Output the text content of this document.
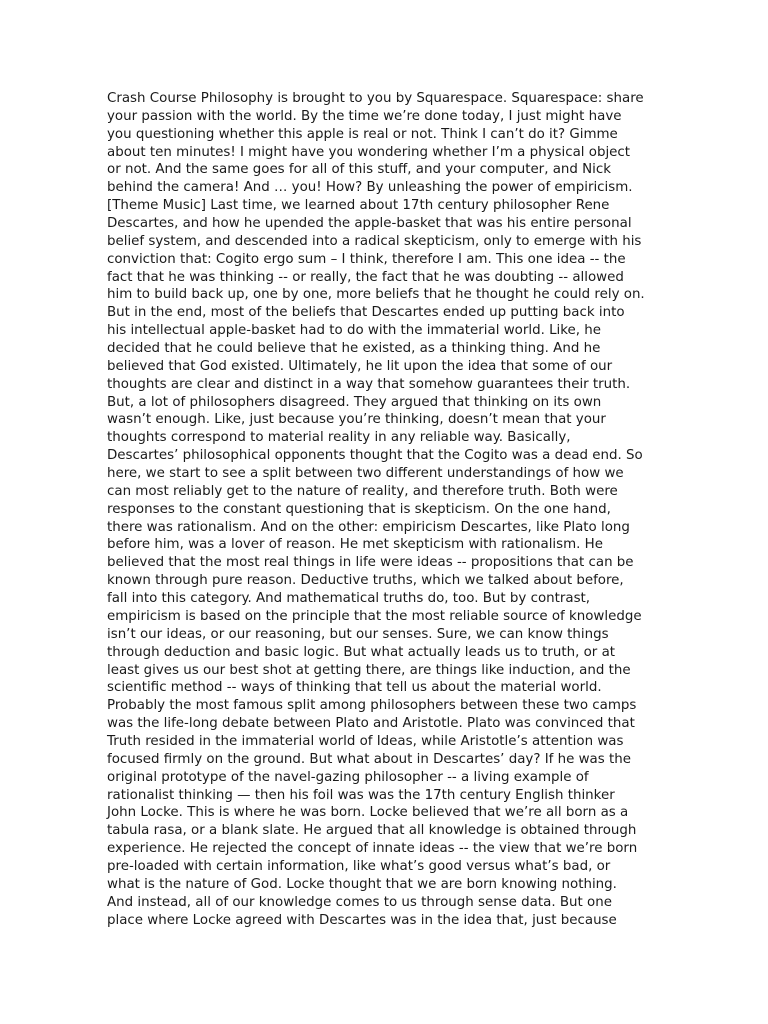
Crash Course Philosophy is brought to you by Squarespace. Squarespace: share

your passion with the world. By the time we’re done today, I just might have

you questioning whether this apple is real or not. Think I can’t do it? Gimme

about ten minutes! I might have you wondering whether I’m a physical object

or not. And the same goes for all of this stuff, and your computer, and Nick

behind the camera! And … you! How? By unleashing the power of empiricism.

[Theme Music] Last time, we learned about 17th century philosopher Rene

Descartes, and how he upended the apple-basket that was his entire personal

belief system, and descended into a radical skepticism, only to emerge with his

conviction that: Cogito ergo sum – I think, therefore I am. This one idea -- the

fact that he was thinking -- or really, the fact that he was doubting -- allowed

him to build back up, one by one, more beliefs that he thought he could rely on.

But in the end, most of the beliefs that Descartes ended up putting back into

his intellectual apple-basket had to do with the immaterial world. Like, he

decided that he could believe that he existed, as a thinking thing. And he

believed that God existed. Ultimately, he lit upon the idea that some of our

thoughts are clear and distinct in a way that somehow guarantees their truth.

But, a lot of philosophers disagreed. They argued that thinking on its own

wasn’t enough. Like, just because you’re thinking, doesn’t mean that your

thoughts correspond to material reality in any reliable way. Basically,

Descartes’ philosophical opponents thought that the Cogito was a dead end. So

here, we start to see a split between two different understandings of how we

can most reliably get to the nature of reality, and therefore truth. Both were

responses to the constant questioning that is skepticism. On the one hand,

there was rationalism. And on the other: empiricism Descartes, like Plato long

before him, was a lover of reason. He met skepticism with rationalism. He

believed that the most real things in life were ideas -- propositions that can be

known through pure reason. Deductive truths, which we talked about before,

fall into this category. And mathematical truths do, too. But by contrast,

empiricism is based on the principle that the most reliable source of knowledge

isn’t our ideas, or our reasoning, but our senses. Sure, we can know things

through deduction and basic logic. But what actually leads us to truth, or at

least gives us our best shot at getting there, are things like induction, and the

scientific method -- ways of thinking that tell us about the material world.

Probably the most famous split among philosophers between these two camps

was the life-long debate between Plato and Aristotle. Plato was convinced that

Truth resided in the immaterial world of Ideas, while Aristotle’s attention was

focused firmly on the ground. But what about in Descartes’ day? If he was the

original prototype of the navel-gazing philosopher -- a living example of

rationalist thinking — then his foil was was the 17th century English thinker

John Locke. This is where he was born. Locke believed that we’re all born as a

tabula rasa, or a blank slate. He argued that all knowledge is obtained through

experience. He rejected the concept of innate ideas -- the view that we’re born

pre-loaded with certain information, like what’s good versus what’s bad, or

what is the nature of God. Locke thought that we are born knowing nothing.

And instead, all of our knowledge comes to us through sense data. But one

place where Locke agreed with Descartes was in the idea that, just because
